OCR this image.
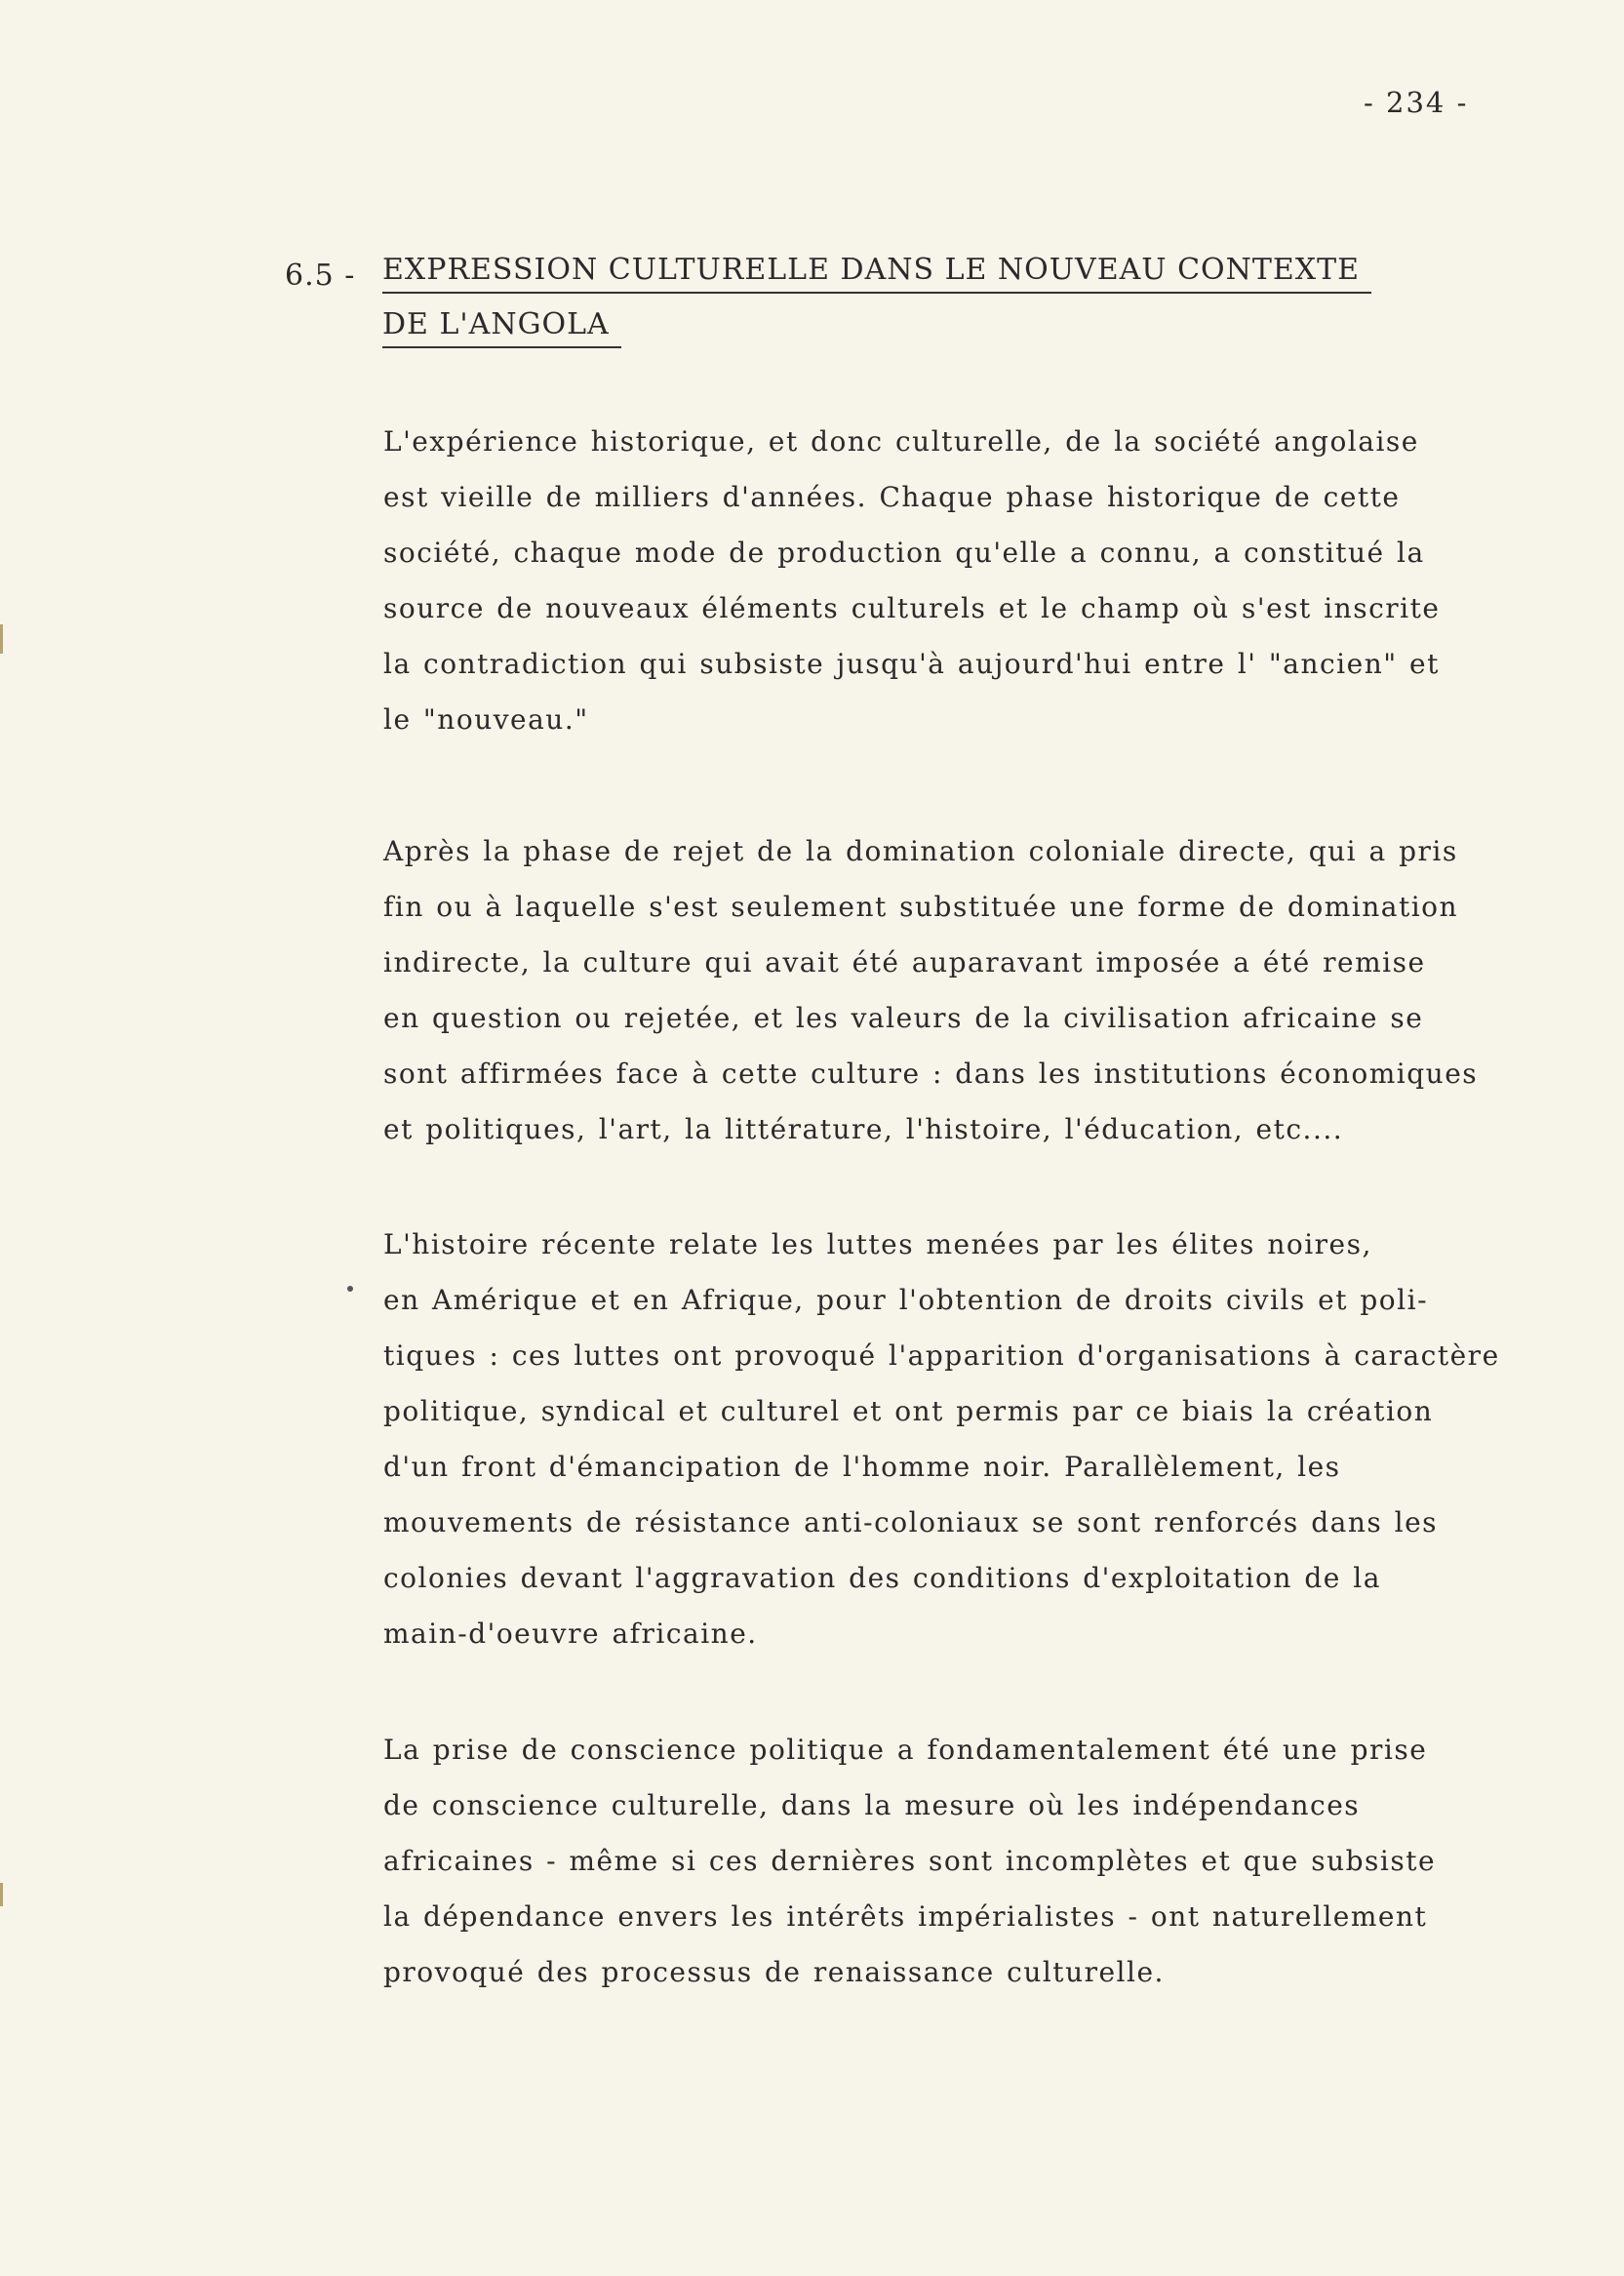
- 234 -
6.5 - EXPRESSION CULTURELLE DANS LE NOUVEAU CONTEXTE
DE L'ANGOLA
L'expérience historique, et donc culturelle, de la société angolaise
est vieille de milliers d'années. Chaque phase historique de cette
société, chaque mode de production qu'elle a connu, a constitué la
source de nouveaux éléments culturels et le champ où s'est inscrite
la contradiction qui subsiste jusqu'à aujourd'hui entre l' "ancien" et
le "nouveau."
Après la phase de rejet de la domination coloniale directe, qui a pris
fin ou à laquelle s'est seulement substituée une forme de domination
indirecte, la culture qui avait été auparavant imposée a été remise
en question ou rejetée, et les valeurs de la civilisation africaine se
sont affirmées face à cette culture : dans les institutions économiques
et politiques, l'art, la littérature, l'histoire, l'éducation, etc....
L'histoire récente relate les luttes menées par les élites noires,
en Amérique et en Afrique, pour l'obtention de droits civils et poli-
tiques : ces luttes ont provoqué l'apparition d'organisations à caractère
politique, syndical et culturel et ont permis par ce biais la création
d'un front d'émancipation de l'homme noir. Parallèlement, les
mouvements de résistance anti-coloniaux se sont renforcés dans les
colonies devant l'aggravation des conditions d'exploitation de la
main-d'oeuvre africaine.
La prise de conscience politique a fondamentalement été une prise
de conscience culturelle, dans la mesure où les indépendances
africaines - même si ces dernières sont incomplètes et que subsiste
la dépendance envers les intérêts impérialistes - ont naturellement
provoqué des processus de renaissance culturelle.
